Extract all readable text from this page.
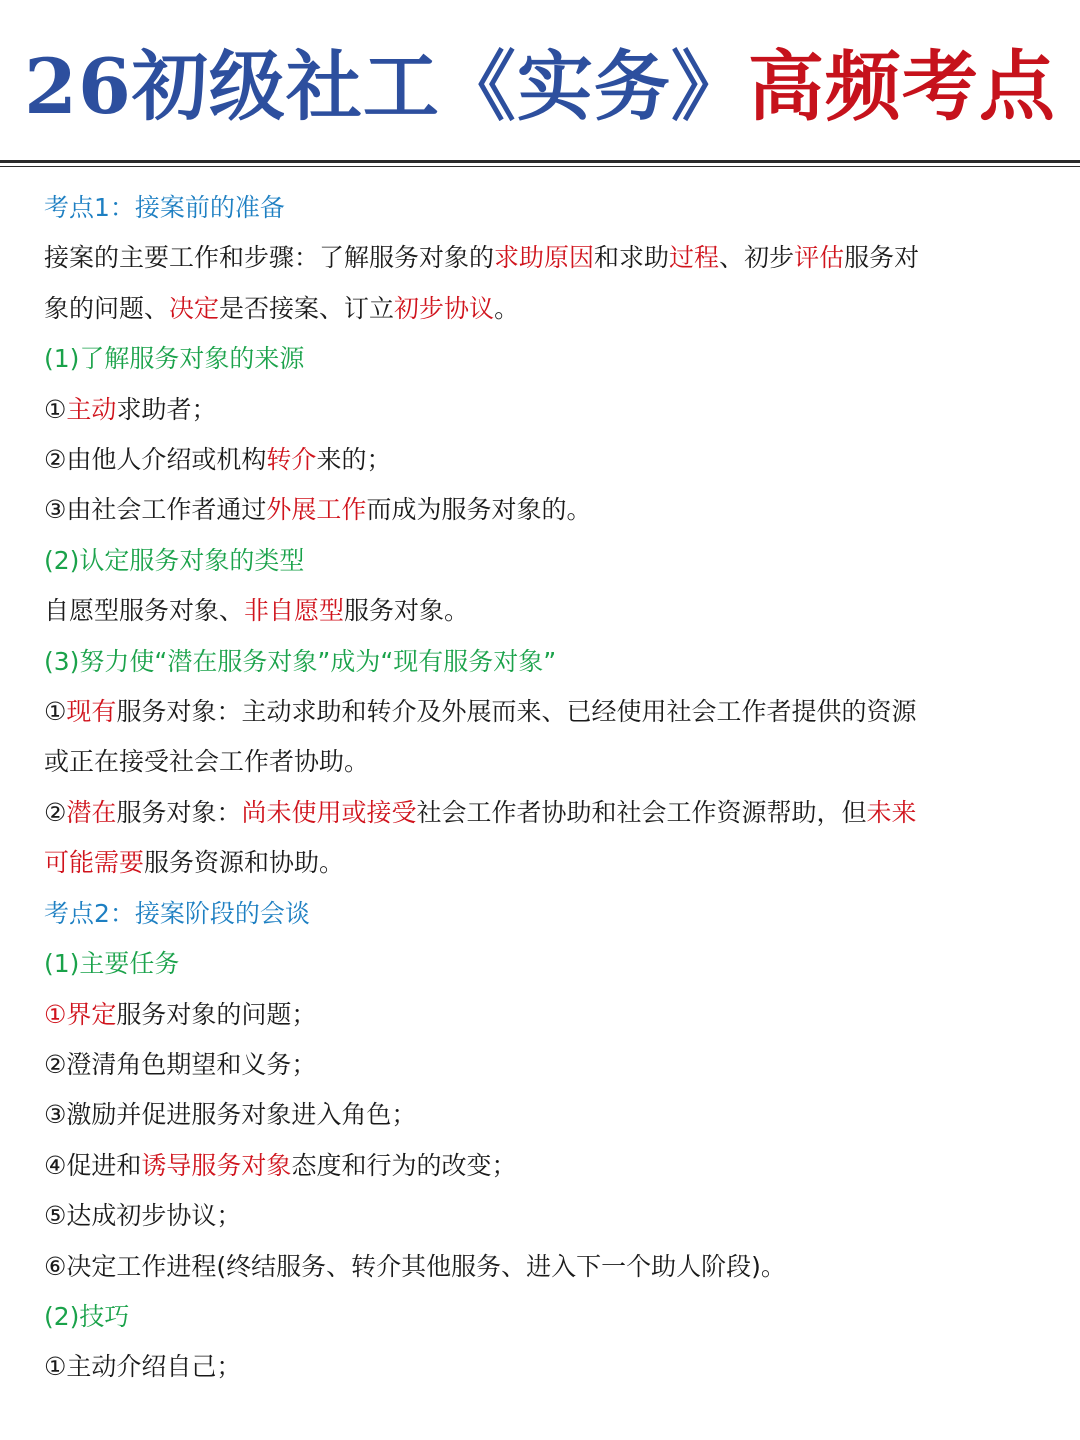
26初级社工《实务》 高频考点
考点1：接案前的准备
接案的主要工作和步骤：了解服务对象的求助原因和求助过程、初步评估服务对
象的问题、决定是否接案、订立初步协议。
(1)了解服务对象的来源
①主动求助者；
②由他人介绍或机构转介来的；
③由社会工作者通过外展工作而成为服务对象的。
(2)认定服务对象的类型
自愿型服务对象、非自愿型服务对象。
(3)努力使“潜在服务对象”成为“现有服务对象”
①现有服务对象：主动求助和转介及外展而来、已经使用社会工作者提供的资源
或正在接受社会工作者协助。
②潜在服务对象：尚未使用或接受社会工作者协助和社会工作资源帮助，但未来
可能需要服务资源和协助。
考点2：接案阶段的会谈
(1)主要任务
①界定服务对象的问题；
②澄清角色期望和义务；
③激励并促进服务对象进入角色；
④促进和诱导服务对象态度和行为的改变；
⑤达成初步协议；
⑥决定工作进程(终结服务、转介其他服务、进入下一个助人阶段)。
(2)技巧
①主动介绍自己；
